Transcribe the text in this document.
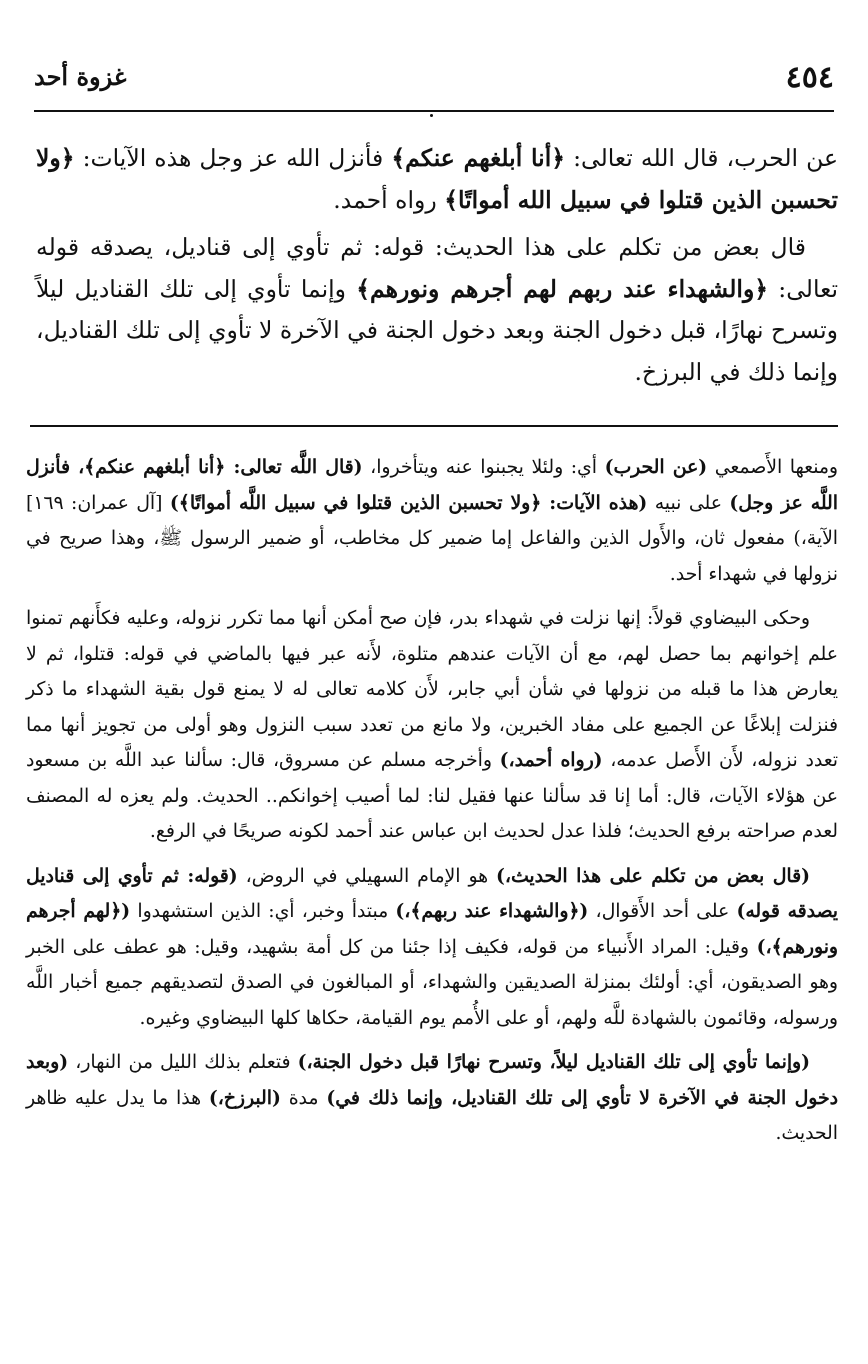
٤٥٤
غزوة أحد

عن الحرب، قال الله تعالى: ﴿أنا أبلغهم عنكم﴾ فأنزل الله عز وجل هذه الآيات: ﴿ولا تحسبن الذين قتلوا في سبيل الله أمواتًا﴾ رواه أحمد.

قال بعض من تكلم على هذا الحديث: قوله: ثم تأوي إلى قناديل، يصدقه قوله تعالى: ﴿والشهداء عند ربهم لهم أجرهم ونورهم﴾ وإنما تأوي إلى تلك القناديل ليلاً وتسرح نهارًا، قبل دخول الجنة وبعد دخول الجنة في الآخرة لا تأوي إلى تلك القناديل، وإنما ذلك في البرزخ.

ومنعها الأَصمعي (عن الحرب) أي: ولئلا يجبنوا عنه ويتأخروا، (قال اللَّه تعالى: ﴿أنا أبلغهم عنكم﴾، فأنزل اللَّه عز وجل) على نبيه (هذه الآيات: ﴿ولا تحسبن الذين قتلوا في سبيل اللَّه أمواتًا﴾) [آل عمران: ١٦٩] الآية،) مفعول ثان، والأَول الذين والفاعل إما ضمير كل مخاطب، أو ضمير الرسول ﷺ، وهذا صريح في نزولها في شهداء أحد.

وحكى البيضاوي قولاً: إنها نزلت في شهداء بدر، فإن صح أمكن أنها مما تكرر نزوله، وعليه فكأَنهم تمنوا علم إخوانهم بما حصل لهم، مع أن الآيات عندهم متلوة، لأَنه عبر فيها بالماضي في قوله: قتلوا، ثم لا يعارض هذا ما قبله من نزولها في شأن أبي جابر، لأَن كلامه تعالى له لا يمنع قول بقية الشهداء ما ذكر فنزلت إبلاغًا عن الجميع على مفاد الخبرين، ولا مانع من تعدد سبب النزول وهو أولى من تجويز أنها مما تعدد نزوله، لأَن الأَصل عدمه، (رواه أحمد،) وأخرجه مسلم عن مسروق، قال: سألنا عبد اللَّه بن مسعود عن هؤلاء الآيات، قال: أما إنا قد سألنا عنها فقيل لنا: لما أصيب إخوانكم.. الحديث. ولم يعزه له المصنف لعدم صراحته برفع الحديث؛ فلذا عدل لحديث ابن عباس عند أحمد لكونه صريحًا في الرفع.

(قال بعض من تكلم على هذا الحديث،) هو الإمام السهيلي في الروض، (قوله: ثم تأوي إلى قناديل يصدقه قوله) على أحد الأَقوال، (﴿والشهداء عند ربهم﴾،) مبتدأ وخبر، أي: الذين استشهدوا (﴿لهم أجرهم ونورهم﴾،) وقيل: المراد الأَنبياء من قوله، فكيف إذا جئنا من كل أمة بشهيد، وقيل: هو عطف على الخبر وهو الصديقون، أي: أولئك بمنزلة الصديقين والشهداء، أو المبالغون في الصدق لتصديقهم جميع أخبار اللَّه ورسوله، وقائمون بالشهادة للَّه ولهم، أو على الأُمم يوم القيامة، حكاها كلها البيضاوي وغيره.

(وإنما تأوي إلى تلك القناديل ليلاً، وتسرح نهارًا قبل دخول الجنة،) فتعلم بذلك الليل من النهار، (وبعد دخول الجنة في الآخرة لا تأوي إلى تلك القناديل، وإنما ذلك في) مدة (البرزخ،) هذا ما يدل عليه ظاهر الحديث.
